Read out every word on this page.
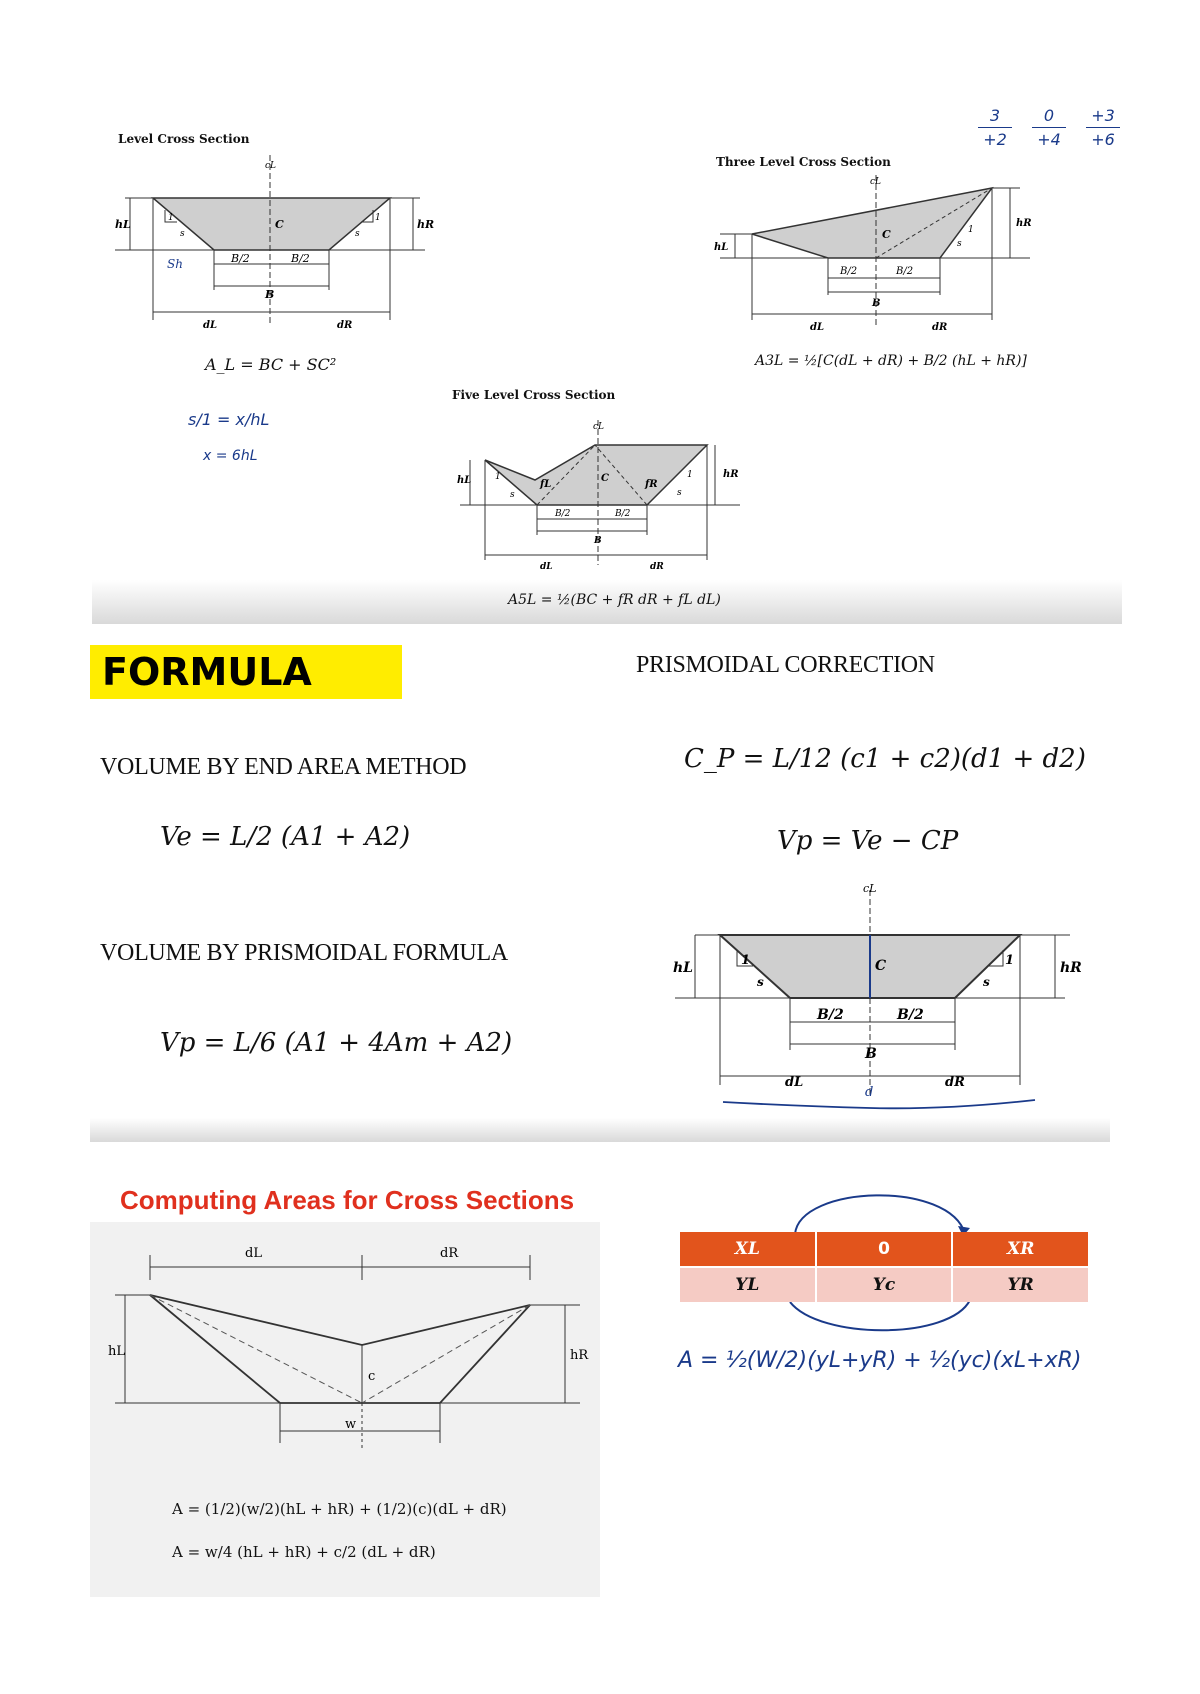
Level Cross Section
cL
hL	hR
C
1	1
s	s
B/2	B/2
B
dL	dR
Sh
A_L = BC + SC²
s/1 = x/hL
x = 6hL
3
+2
0
+4
+3
+6
Three Level Cross Section
cL
hL
hR
C	1
s
B/2	B/2
B
dL	dR
A3L = ½[C(dL + dR) + B/2 (hL + hR)]
Five Level Cross Section
cL
hL
hR
C
fL	fR
1
s
1
s
B/2	B/2
B
dL	dR
A5L = ½(BC + fR dR + fL dL)
FORMULA	PRISMOIDAL CORRECTION
C_P = L/12 (c1 + c2)(d1 + d2)
Vp = Ve − CP
VOLUME BY END AREA METHOD
Ve = L/2 (A1 + A2)
VOLUME BY PRISMOIDAL FORMULA
Vp = L/6 (A1 + 4Am + A2)
cL
hL	hR
C
1	1
s	s
B/2	B/2
B
dL	dR
d
Computing Areas for Cross Sections
dL	dR
hL	hR
c
w
A = (1/2)(w/2)(hL + hR) + (1/2)(c)(dL + dR)
A = w/4 (hL + hR) + c/2 (dL + dR)
XL	0	XR
YL	Yc	YR
A = ½(W/2)(yL+yR) + ½(yc)(xL+xR)
